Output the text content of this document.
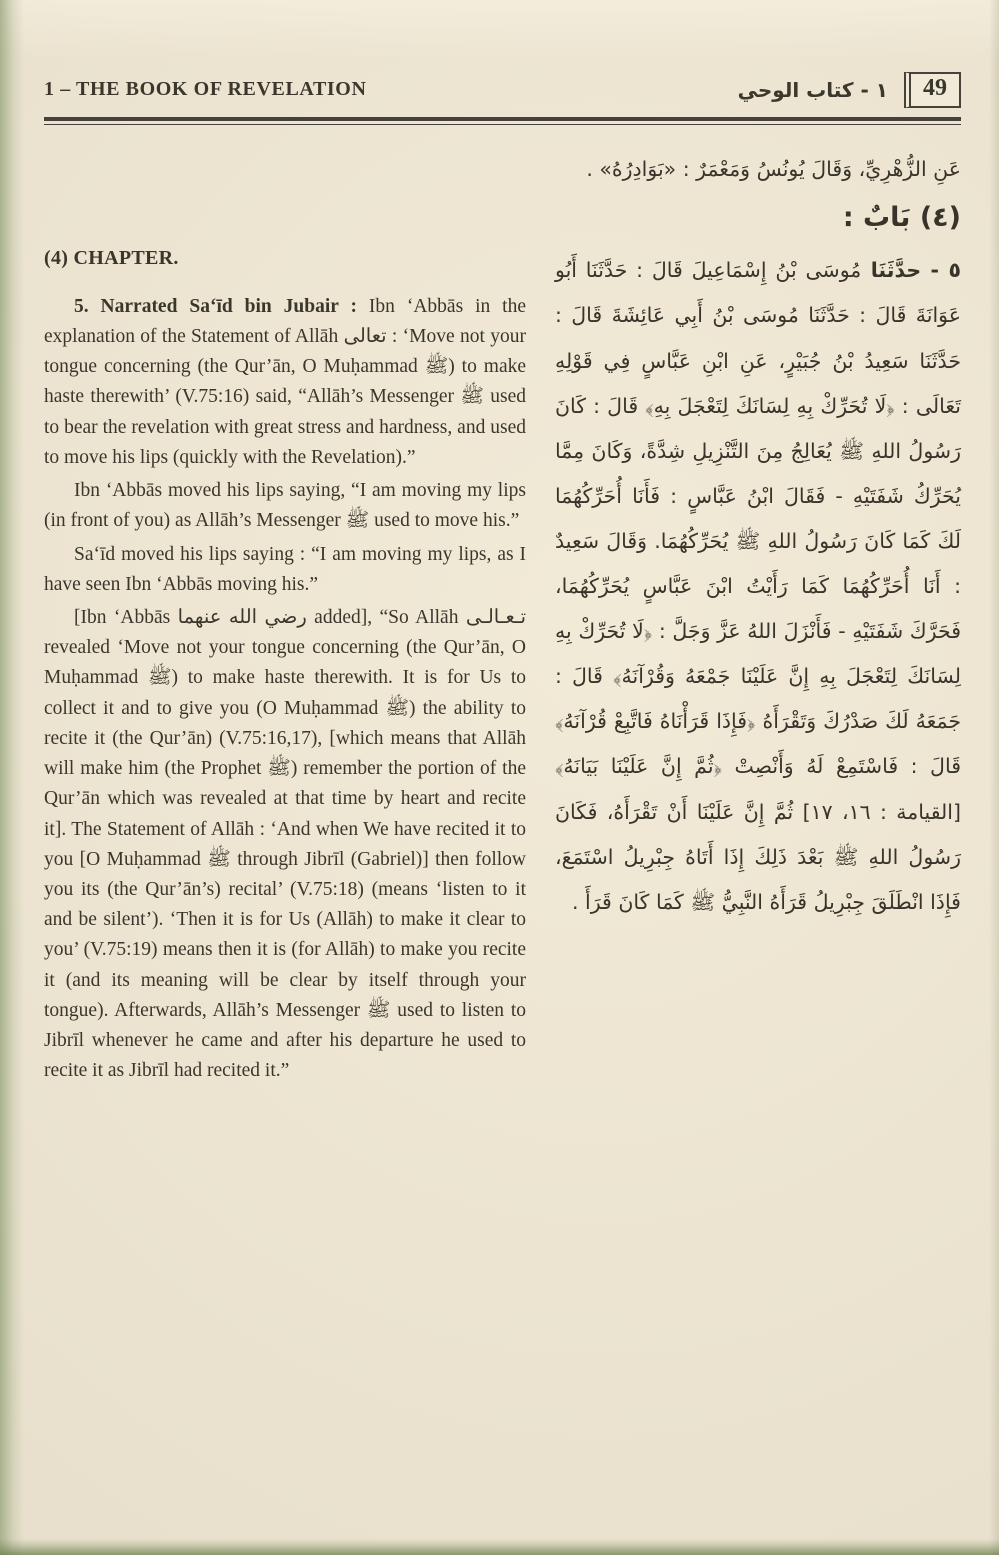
1 – THE BOOK OF REVELATION	١ - كتاب الوحي	49
(4) CHAPTER.

5. Narrated Sa‘īd bin Jubair : Ibn ‘Abbās in the explanation of the Statement of Allāh تعالى : ‘Move not your tongue concerning (the Qur’ān, O Muḥammad ﷺ) to make haste therewith’ (V.75:16) said, “Allāh’s Messenger ﷺ used to bear the revelation with great stress and hardness, and used to move his lips (quickly with the Revelation).”

Ibn ‘Abbās moved his lips saying, “I am moving my lips (in front of you) as Allāh’s Messenger ﷺ used to move his.”

Sa‘īd moved his lips saying : “I am moving my lips, as I have seen Ibn ‘Abbās moving his.”

[Ibn ‘Abbās رضي الله عنهما added], “So Allāh تـعـالـى revealed ‘Move not your tongue concerning (the Qur’ān, O Muḥammad ﷺ) to make haste therewith. It is for Us to collect it and to give you (O Muḥammad ﷺ) the ability to recite it (the Qur’ān) (V.75:16,17), [which means that Allāh will make him (the Prophet ﷺ) remember the portion of the Qur’ān which was revealed at that time by heart and recite it]. The Statement of Allāh : ‘And when We have recited it to you [O Muḥammad ﷺ through Jibrīl (Gabriel)] then follow you its (the Qur’ān’s) recital’ (V.75:18) (means ‘listen to it and be silent’). ‘Then it is for Us (Allāh) to make it clear to you’ (V.75:19) means then it is (for Allāh) to make you recite it (and its meaning will be clear by itself through your tongue). Afterwards, Allāh’s Messenger ﷺ used to listen to Jibrīl whenever he came and after his departure he used to recite it as Jibrīl had recited it.”

عَنِ الزُّهْرِيِّ، وَقَالَ يُونُسُ وَمَعْمَرٌ : «بَوَادِرُهُ» .

(٤) بَابٌ :

٥ - حدَّثَنَا مُوسَى بْنُ إِسْمَاعِيلَ قَالَ : حَدَّثَنَا أَبُو عَوَانَةَ قَالَ : حَدَّثَنَا مُوسَى بْنُ أَبِي عَائِشَةَ قَالَ : حَدَّثَنَا سَعِيدُ بْنُ جُبَيْرٍ، عَنِ ابْنِ عَبَّاسٍ فِي قَوْلِهِ تَعَالَى : ﴿لَا تُحَرِّكْ بِهِ لِسَانَكَ لِتَعْجَلَ بِهِ﴾ قَالَ : كَانَ رَسُولُ اللهِ ﷺ يُعَالِجُ مِنَ التَّنْزِيلِ شِدَّةً، وَكَانَ مِمَّا يُحَرِّكُ شَفَتَيْهِ - فَقَالَ ابْنُ عَبَّاسٍ : فَأَنَا أُحَرِّكُهُمَا لَكَ كَمَا كَانَ رَسُولُ اللهِ ﷺ يُحَرِّكُهُمَا. وَقَالَ سَعِيدٌ : أَنَا أُحَرِّكُهُمَا كَمَا رَأَيْتُ ابْنَ عَبَّاسٍ يُحَرِّكُهُمَا، فَحَرَّكَ شَفَتَيْهِ - فَأَنْزَلَ اللهُ عَزَّ وَجَلَّ : ﴿لَا تُحَرِّكْ بِهِ لِسَانَكَ لِتَعْجَلَ بِهِ إِنَّ عَلَيْنَا جَمْعَهُ وَقُرْآنَهُ﴾ قَالَ : جَمَعَهُ لَكَ صَدْرُكَ وَتَقْرَأَهُ ﴿فَإِذَا قَرَأْنَاهُ فَاتَّبِعْ قُرْآنَهُ﴾ قَالَ : فَاسْتَمِعْ لَهُ وَأَنْصِتْ ﴿ثُمَّ إِنَّ عَلَيْنَا بَيَانَهُ﴾ [القيامة : ١٦، ١٧] ثُمَّ إِنَّ عَلَيْنَا أَنْ تَقْرَأَهُ، فَكَانَ رَسُولُ اللهِ ﷺ بَعْدَ ذَلِكَ إِذَا أَتَاهُ جِبْرِيلُ اسْتَمَعَ، فَإِذَا انْطَلَقَ جِبْرِيلُ قَرَأَهُ النَّبِيُّ ﷺ كَمَا كَانَ قَرَأَ .
